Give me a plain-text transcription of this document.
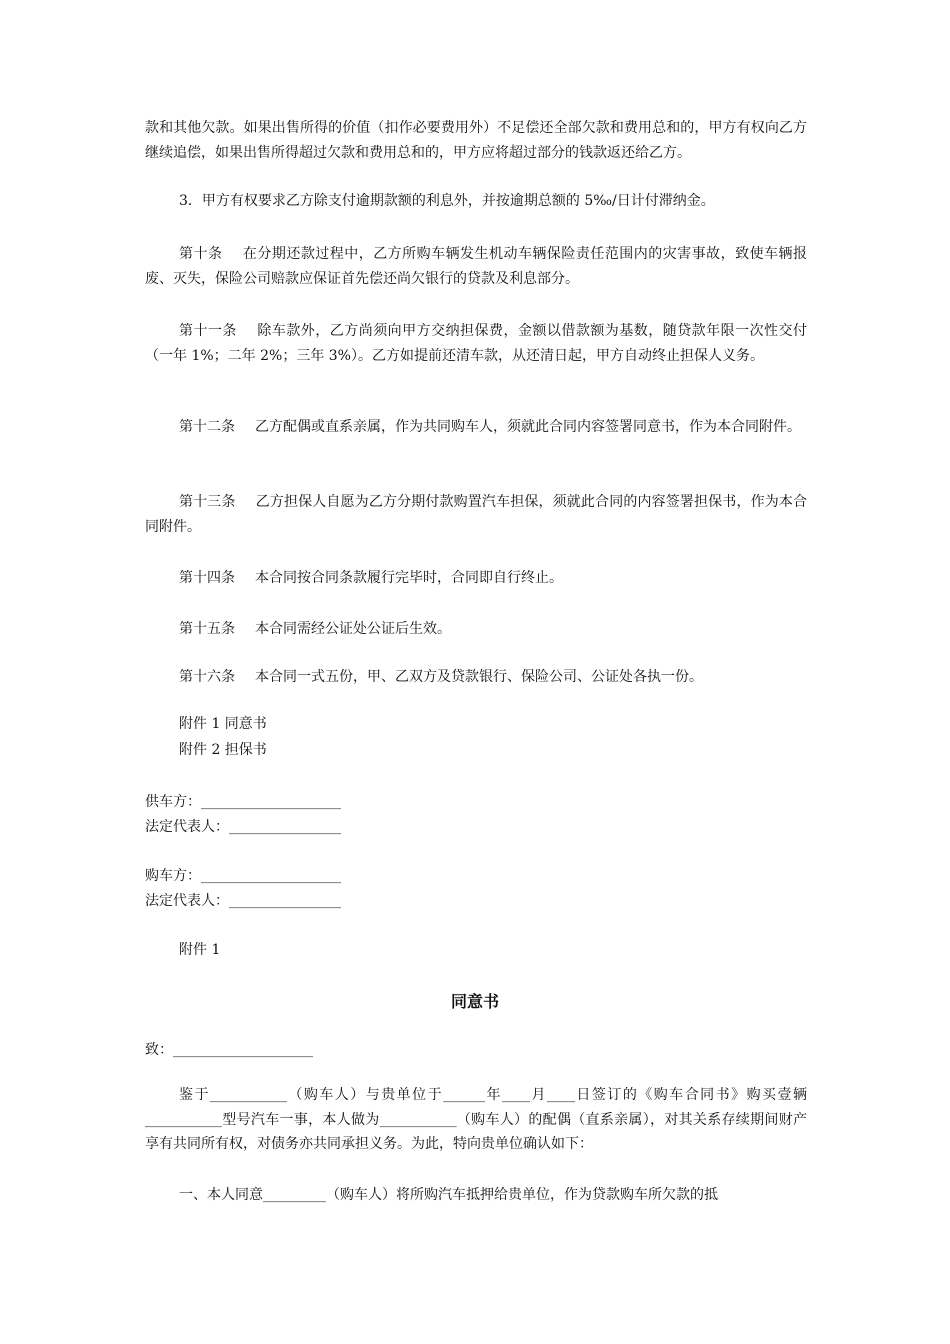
款和其他欠款。如果出售所得的价值（扣作必要费用外）不足偿还全部欠款和费用总和的，甲方有权向乙方继续追偿，如果出售所得超过欠款和费用总和的，甲方应将超过部分的钱款返还给乙方。
3．甲方有权要求乙方除支付逾期款额的利息外，并按逾期总额的 5‰/日计付滞纳金。
第十条 在分期还款过程中，乙方所购车辆发生机动车辆保险责任范围内的灾害事故，致使车辆报废、灭失，保险公司赔款应保证首先偿还尚欠银行的贷款及利息部分。
第十一条 除车款外，乙方尚须向甲方交纳担保费，金额以借款额为基数，随贷款年限一次性交付（一年 1%；二年 2%；三年 3%）。乙方如提前还清车款，从还清日起，甲方自动终止担保人义务。
第十二条 乙方配偶或直系亲属，作为共同购车人，须就此合同内容签署同意书，作为本合同附件。
第十三条 乙方担保人自愿为乙方分期付款购置汽车担保，须就此合同的内容签署担保书，作为本合同附件。
第十四条 本合同按合同条款履行完毕时，合同即自行终止。
第十五条 本合同需经公证处公证后生效。
第十六条 本合同一式五份，甲、乙双方及贷款银行、保险公司、公证处各执一份。
附件 1 同意书
附件 2 担保书
供车方：____________________
法定代表人：________________
购车方：____________________
法定代表人：________________
附件 1
同意书
致：____________________
鉴于___________（购车人）与贵单位于______年____月____日签订的《购车合同书》购买壹辆___________型号汽车一事，本人做为___________（购车人）的配偶（直系亲属），对其关系存续期间财产享有共同所有权，对债务亦共同承担义务。为此，特向贵单位确认如下：
一、本人同意_________（购车人）将所购汽车抵押给贵单位，作为贷款购车所欠款的抵
